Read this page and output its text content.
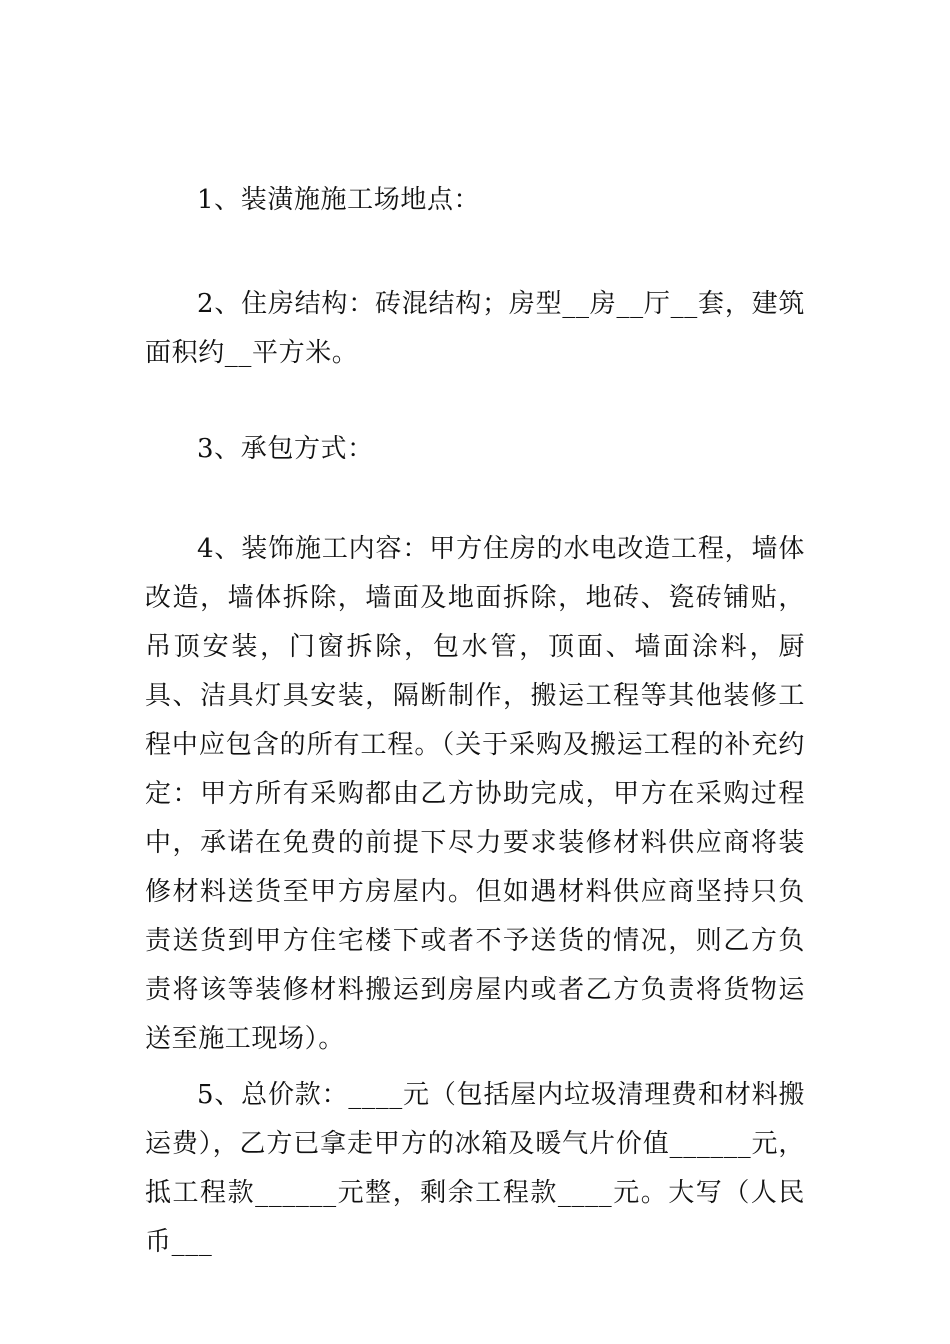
1、装潢施施工场地点：

2、住房结构：砖混结构；房型__房__厅__套，建筑面积约__平方米。

3、承包方式：

4、装饰施工内容：甲方住房的水电改造工程，墙体改造，墙体拆除，墙面及地面拆除，地砖、瓷砖铺贴，吊顶安装，门窗拆除，包水管，顶面、墙面涂料，厨具、洁具灯具安装，隔断制作，搬运工程等其他装修工程中应包含的所有工程。（关于采购及搬运工程的补充约定：甲方所有采购都由乙方协助完成，甲方在采购过程中，承诺在免费的前提下尽力要求装修材料供应商将装修材料送货至甲方房屋内。但如遇材料供应商坚持只负责送货到甲方住宅楼下或者不予送货的情况，则乙方负责将该等装修材料搬运到房屋内或者乙方负责将货物运送至施工现场）。

5、总价款：____元（包括屋内垃圾清理费和材料搬运费），乙方已拿走甲方的冰箱及暖气片价值______元，抵工程款______元整，剩余工程款____元。大写（人民币___
